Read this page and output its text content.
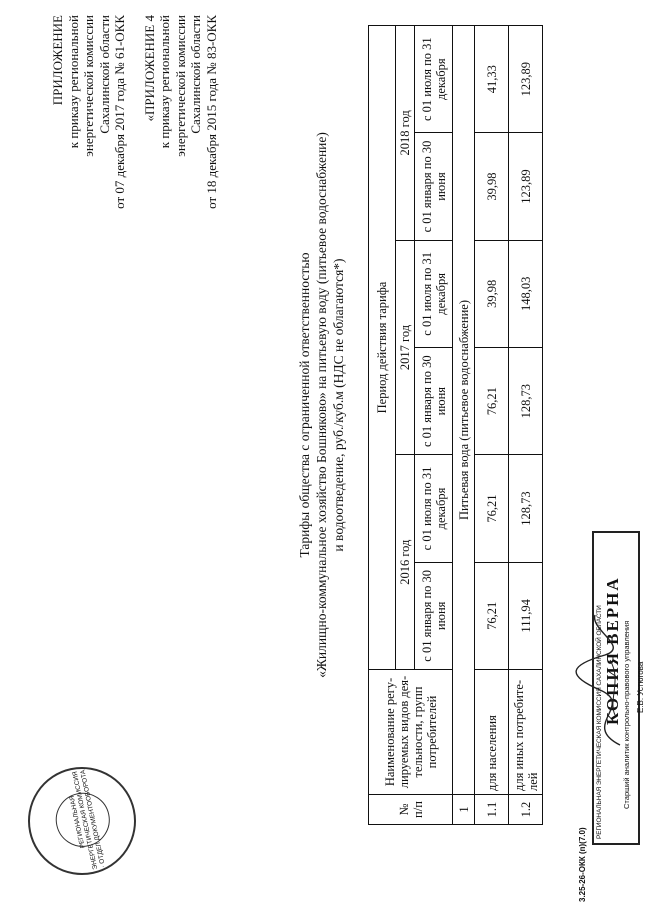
ПРИЛОЖЕНИЕ к приказу региональной энергетической комиссии Сахалинской области от 07 декабря 2017 года № 61-ОКК «ПРИЛОЖЕНИЕ 4 к приказу региональной энергетической комиссии Сахалинской области от 18 декабря 2015 года № 83-ОКК
Тарифы общества с ограниченной ответственностью «Жилищно-коммунальное хозяйство Бошняково» на питьевую воду (питьевое водоснабжение) и водоотведение, руб./куб.м (НДС не облагаются*)
№ п/п	Наименование регу-лируемых видов дея-тельности, групп потребителей	Период действия тарифа					
		2016 год		2017 год		2018 год	
		с 01 января по 30 июня	с 01 июля по 31 декабря	с 01 января по 30 июня	с 01 июля по 31 декабря	с 01 января по 30 июня	с 01 июля по 31 декабря
1	Питьевая вода (питьевое водоснабжение)						
1.1	для населения	76,21	76,21	76,21	39,98	39,98	41,33
1.2	для иных потребите-лей	111,94	128,73	128,73	148,03	123,89	123,89
3.25-26-ОКК (п)(7.0)
РЕГИОНАЛЬНАЯ ЭНЕРГЕТИЧЕСКАЯ КОМИССИЯ · ОТДЕЛ ДОКУМЕНТООБОРОТА	РЕГИОНАЛЬНАЯ ЭНЕРГЕТИЧЕСКАЯ КОМИССИЯ САХАЛИНСКОЙ ОБЛАСТИ КОПИЯ ВЕРНА Старший аналитик контрольно-правового управления Е.В. Устюгова
